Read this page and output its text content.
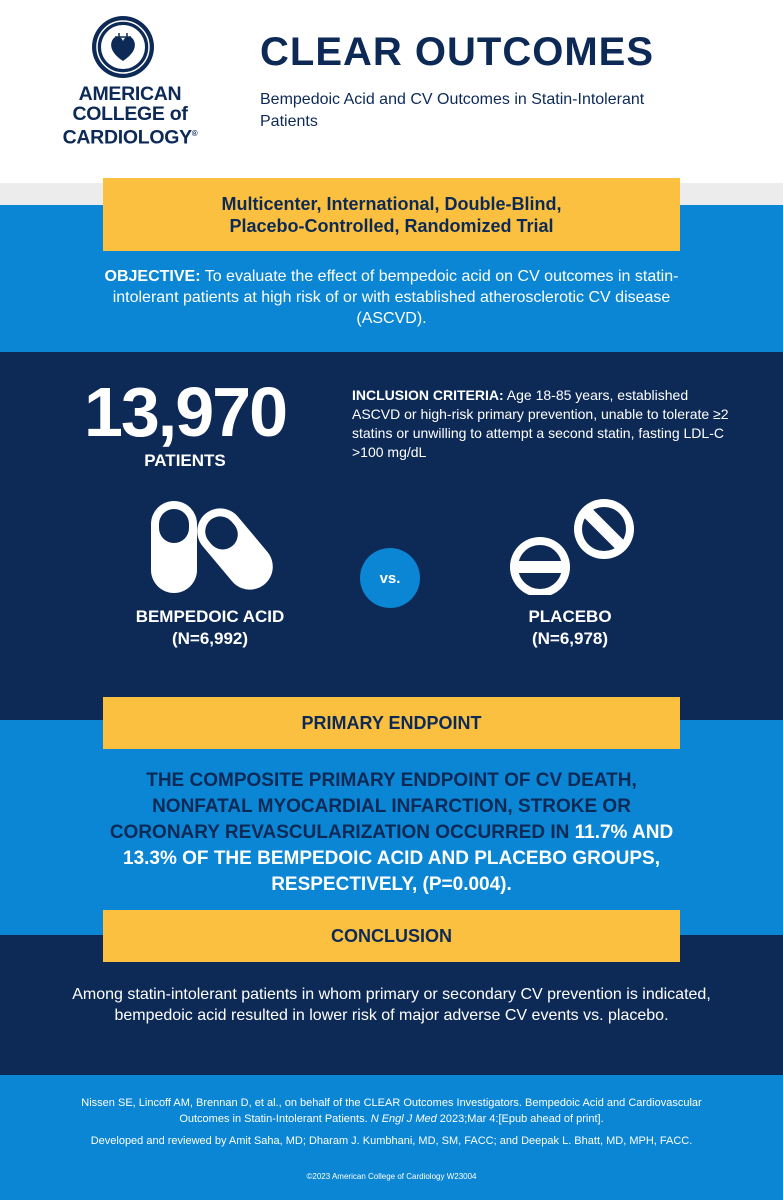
AMERICAN
COLLEGE of
CARDIOLOGY®
CLEAR OUTCOMES
Bempedoic Acid and CV Outcomes in Statin-Intolerant Patients
Multicenter, International, Double-Blind,
Placebo-Controlled, Randomized Trial
OBJECTIVE: To evaluate the effect of bempedoic acid on CV outcomes in statin-intolerant patients at high risk of or with established atherosclerotic CV disease (ASCVD).
13,970
PATIENTS
INCLUSION CRITERIA: Age 18-85 years, established ASCVD or high-risk primary prevention, unable to tolerate ≥2 statins or unwilling to attempt a second statin, fasting LDL-C >100 mg/dL
vs.
BEMPEDOIC ACID
(N=6,992)
PLACEBO
(N=6,978)
PRIMARY ENDPOINT
THE COMPOSITE PRIMARY ENDPOINT OF CV DEATH, NONFATAL MYOCARDIAL INFARCTION, STROKE OR CORONARY REVASCULARIZATION OCCURRED IN 11.7% AND 13.3% OF THE BEMPEDOIC ACID AND PLACEBO GROUPS, RESPECTIVELY, (P=0.004).
CONCLUSION
Among statin-intolerant patients in whom primary or secondary CV prevention is indicated, bempedoic acid resulted in lower risk of major adverse CV events vs. placebo.
Nissen SE, Lincoff AM, Brennan D, et al., on behalf of the CLEAR Outcomes Investigators. Bempedoic Acid and Cardiovascular Outcomes in Statin-Intolerant Patients. N Engl J Med 2023;Mar 4:[Epub ahead of print].
Developed and reviewed by Amit Saha, MD; Dharam J. Kumbhani, MD, SM, FACC; and Deepak L. Bhatt, MD, MPH, FACC.
©2023 American College of Cardiology W23004
